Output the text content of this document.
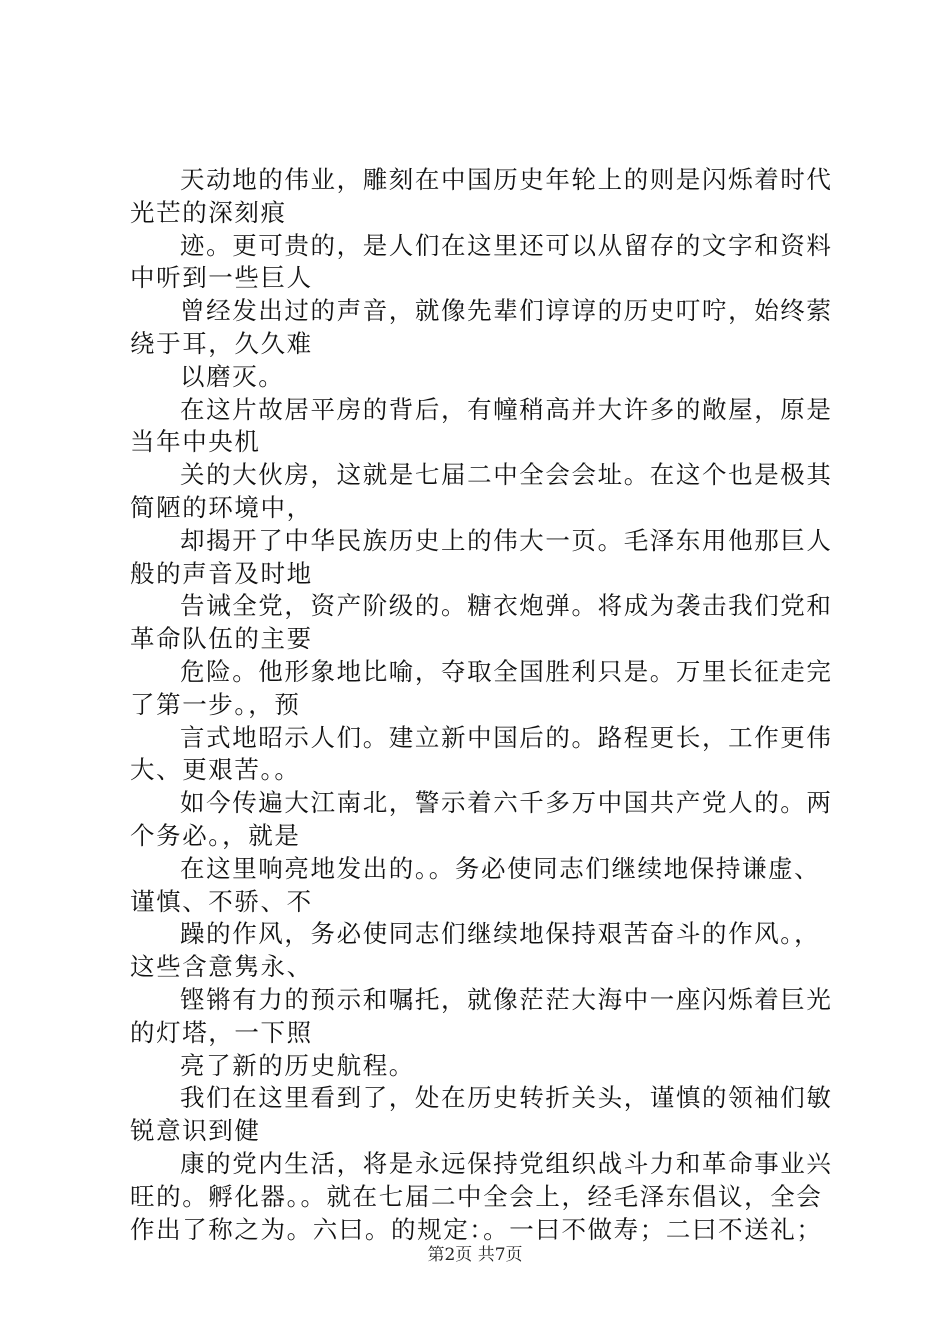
天动地的伟业，雕刻在中国历史年轮上的则是闪烁着时代
光芒的深刻痕
迹。更可贵的，是人们在这里还可以从留存的文字和资料
中听到一些巨人
曾经发出过的声音，就像先辈们谆谆的历史叮咛，始终萦
绕于耳，久久难
以磨灭。
在这片故居平房的背后，有幢稍高并大许多的敞屋，原是
当年中央机
关的大伙房，这就是七届二中全会会址。在这个也是极其
简陋的环境中，
却揭开了中华民族历史上的伟大一页。毛泽东用他那巨人
般的声音及时地
告诫全党，资产阶级的。糖衣炮弹。将成为袭击我们党和
革命队伍的主要
危险。他形象地比喻，夺取全国胜利只是。万里长征走完
了第一步。，预
言式地昭示人们。建立新中国后的。路程更长，工作更伟
大、更艰苦。。
如今传遍大江南北，警示着六千多万中国共产党人的。两
个务必。，就是
在这里响亮地发出的。。务必使同志们继续地保持谦虚、
谨慎、不骄、不
躁的作风，务必使同志们继续地保持艰苦奋斗的作风。，
这些含意隽永、
铿锵有力的预示和嘱托，就像茫茫大海中一座闪烁着巨光
的灯塔，一下照
亮了新的历史航程。
我们在这里看到了，处在历史转折关头，谨慎的领袖们敏
锐意识到健
康的党内生活，将是永远保持党组织战斗力和革命事业兴
旺的。孵化器。。就在七届二中全会上，经毛泽东倡议，全会
作出了称之为。六曰。的规定：。一曰不做寿；二曰不送礼；
第2页 共7页
